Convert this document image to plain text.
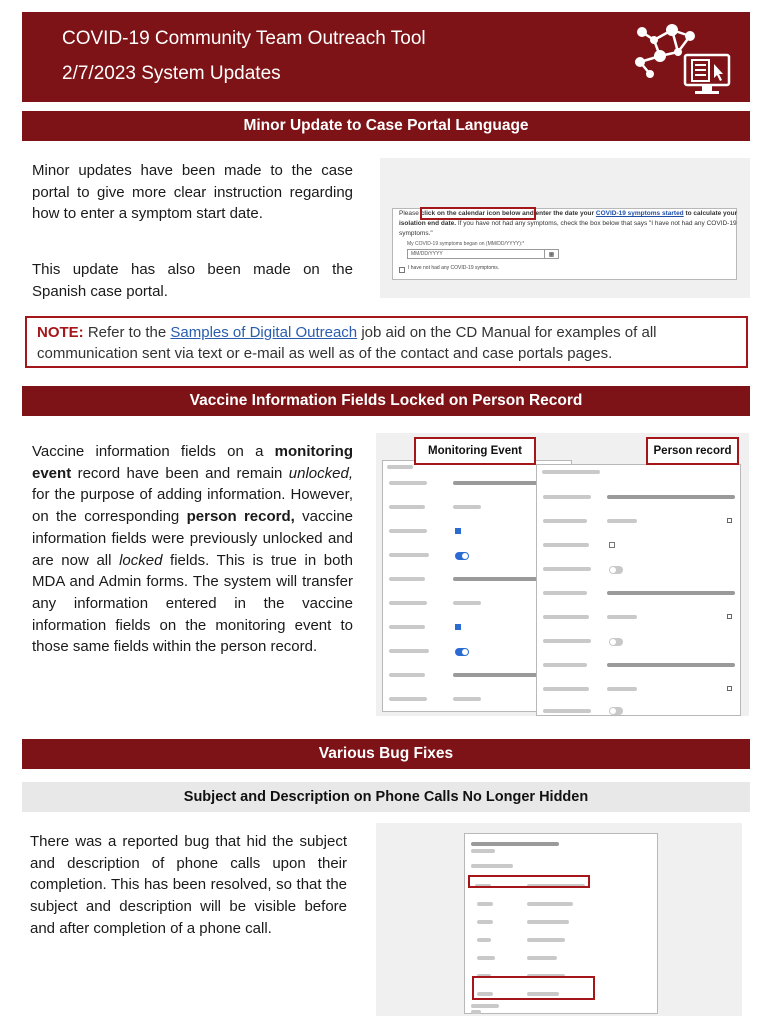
COVID-19 Community Team Outreach Tool
2/7/2023 System Updates
Minor Update to Case Portal Language
Minor updates have been made to the case portal to give more clear instruction regarding how to enter a symptom start date.
This update has also been made on the Spanish case portal.
Please click on the calendar icon below and enter the date your COVID-19 symptoms started to calculate your isolation end date. If you have not had any symptoms, check the box below that says "I have not had any COVID-19 symptoms."
My COVID-19 symptoms began on (MM/DD/YYYY):*
MM/DD/YYYY	▦
I have not had any COVID-19 symptoms.
NOTE: Refer to the Samples of Digital Outreach job aid on the CD Manual for examples of all communication sent via text or e-mail as well as of the contact and case portals pages.
Vaccine Information Fields Locked on Person Record
Vaccine information fields on a monitoring event record have been and remain unlocked, for the purpose of adding information. However, on the corresponding person record, vaccine information fields were previously unlocked and are now all locked fields. This is true in both MDA and Admin forms. The system will transfer any information entered in the vaccine information fields on the monitoring event to those same fields within the person record.
Monitoring Event	Person record
Various Bug Fixes
Subject and Description on Phone Calls No Longer Hidden
There was a reported bug that hid the subject and description of phone calls upon their completion. This has been resolved, so that the subject and description will be visible before and after completion of a phone call.
